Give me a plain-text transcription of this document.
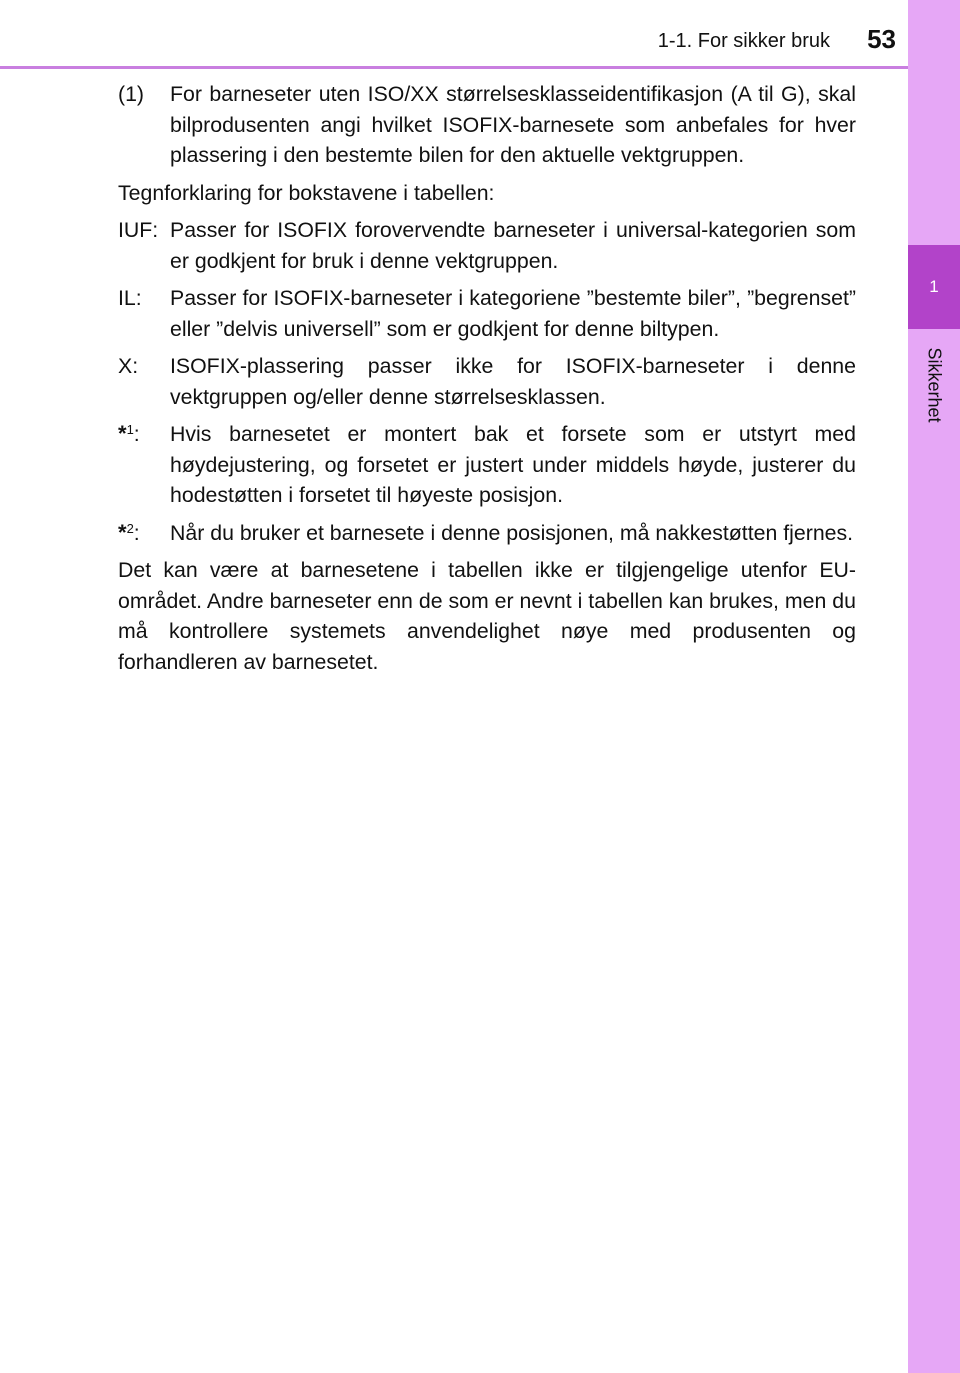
1
Sikkerhet
1-1. For sikker bruk	53
(1) For barneseter uten ISO/XX størrelsesklasseidentifikasjon (A til G), skal bilprodusenten angi hvilket ISOFIX-barnesete som anbefales for hver plassering i den bestemte bilen for den aktuelle vektgruppen.
Tegnforklaring for bokstavene i tabellen:
IUF: Passer for ISOFIX forovervendte barneseter i universal-kategorien som er godkjent for bruk i denne vektgruppen.
IL: Passer for ISOFIX-barneseter i kategoriene ”bestemte biler”, ”begrenset” eller ”delvis universell” som er godkjent for denne biltypen.
X: ISOFIX-plassering passer ikke for ISOFIX-barneseter i denne vektgruppen og/eller denne størrelsesklassen.
*$^1$: Hvis barnesetet er montert bak et forsete som er utstyrt med høydejustering, og forsetet er justert under middels høyde, justerer du hodestøtten i forsetet til høyeste posisjon.
*$^2$: Når du bruker et barnesete i denne posisjonen, må nakkestøtten fjernes.
Det kan være at barnesetene i tabellen ikke er tilgjengelige utenfor EU-området. Andre barneseter enn de som er nevnt i tabellen kan brukes, men du må kontrollere systemets anvendelighet nøye med produsenten og forhandleren av barnesetet.
